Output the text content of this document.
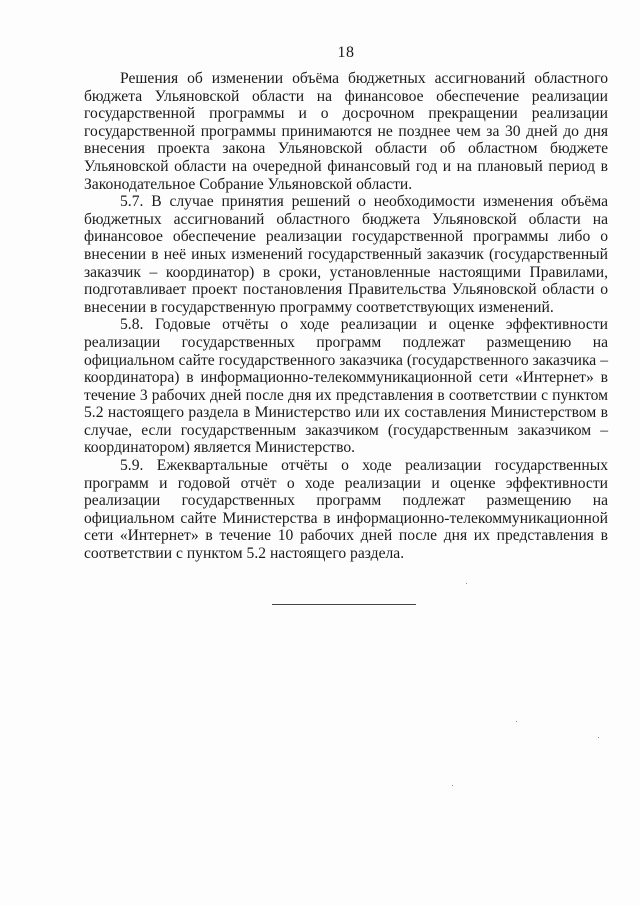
18

Решения об изменении объёма бюджетных ассигнований областного бюджета Ульяновской области на финансовое обеспечение реализации государственной программы и о досрочном прекращении реализации государственной программы принимаются не позднее чем за 30 дней до дня внесения проекта закона Ульяновской области об областном бюджете Ульяновской области на очередной финансовый год и на плановый период в Законодательное Собрание Ульяновской области.

5.7. В случае принятия решений о необходимости изменения объёма бюджетных ассигнований областного бюджета Ульяновской области на финансовое обеспечение реализации государственной программы либо о внесении в неё иных изменений государственный заказчик (государственный заказчик – координатор) в сроки, установленные настоящими Правилами, подготавливает проект постановления Правительства Ульяновской области о внесении в государственную программу соответствующих изменений.

5.8. Годовые отчёты о ходе реализации и оценке эффективности реализации государственных программ подлежат размещению на официальном сайте государственного заказчика (государственного заказчика – координатора) в информационно-телекоммуникационной сети «Интернет» в течение 3 рабочих дней после дня их представления в соответствии с пунктом 5.2 настоящего раздела в Министерство или их составления Министерством в случае, если государственным заказчиком (государственным заказчиком – координатором) является Министерство.

5.9. Ежеквартальные отчёты о ходе реализации государственных программ и годовой отчёт о ходе реализации и оценке эффективности реализации государственных программ подлежат размещению на официальном сайте Министерства в информационно-телекоммуникационной сети «Интернет» в течение 10 рабочих дней после дня их представления в соответствии с пунктом 5.2 настоящего раздела.
